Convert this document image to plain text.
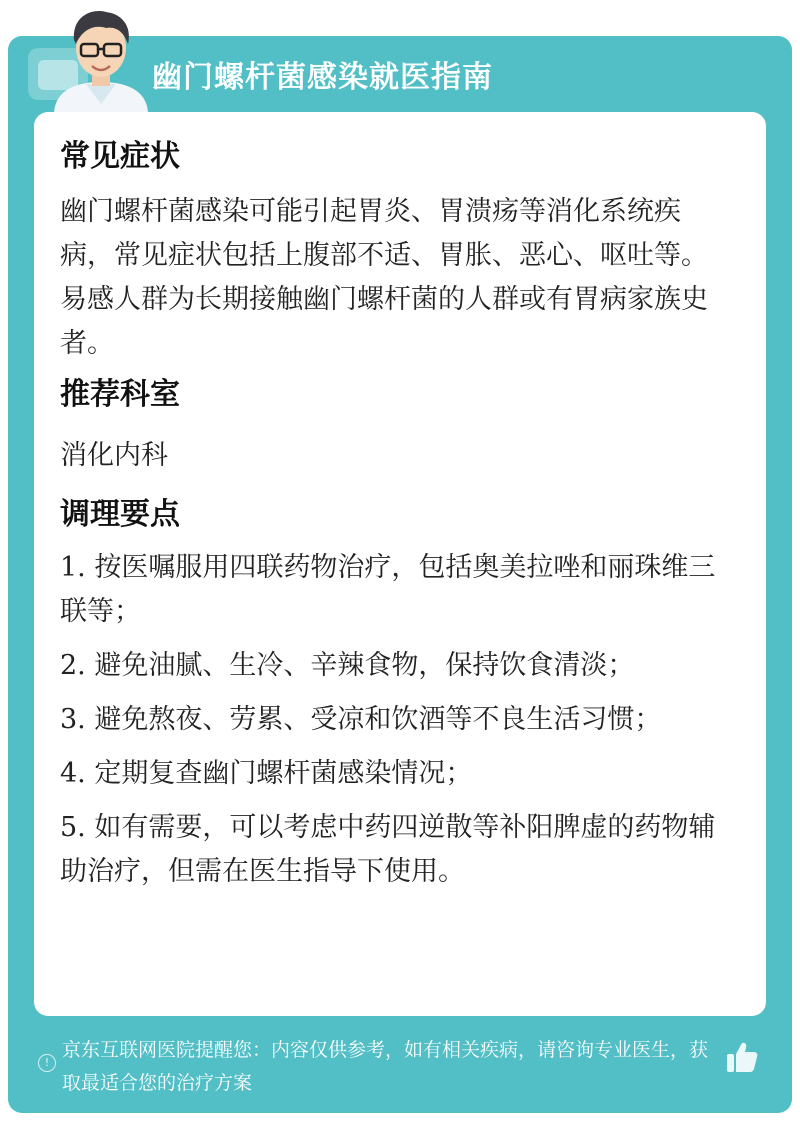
幽门螺杆菌感染就医指南
常见症状

幽门螺杆菌感染可能引起胃炎、胃溃疡等消化系统疾病，常见症状包括上腹部不适、胃胀、恶心、呕吐等。易感人群为长期接触幽门螺杆菌的人群或有胃病家族史者。

推荐科室

消化内科

调理要点

1. 按医嘱服用四联药物治疗，包括奥美拉唑和丽珠维三联等；

2. 避免油腻、生冷、辛辣食物，保持饮食清淡；

3. 避免熬夜、劳累、受凉和饮酒等不良生活习惯；

4. 定期复查幽门螺杆菌感染情况；

5. 如有需要，可以考虑中药四逆散等补阳脾虚的药物辅助治疗，但需在医生指导下使用。

!
京东互联网医院提醒您：内容仅供参考，如有相关疾病，请咨询专业医生，获取最适合您的治疗方案
